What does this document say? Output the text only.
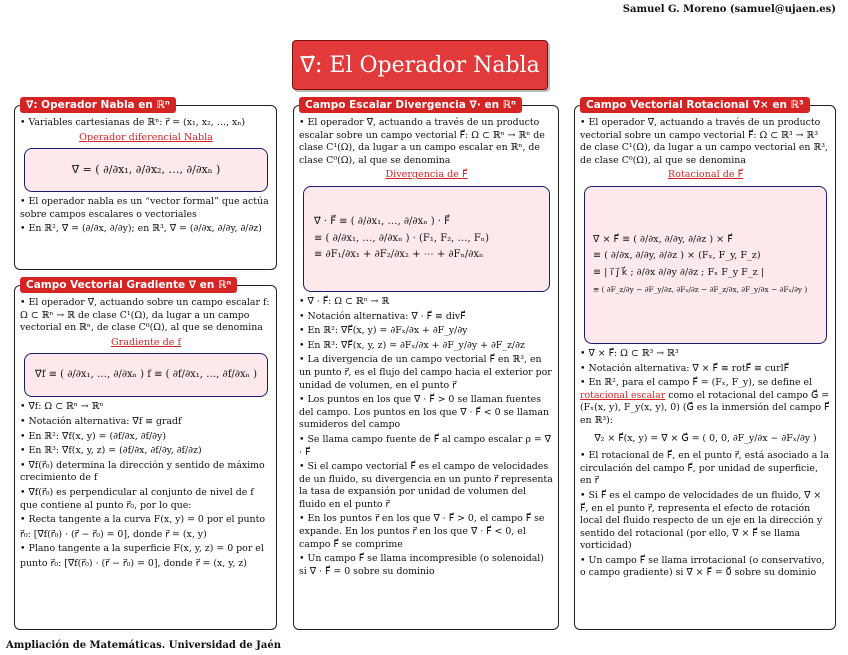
Samuel G. Moreno (samuel@ujaen.es)
∇⃗: El Operador Nabla
∇⃗: Operador Nabla en ℝⁿ

• Variables cartesianas de ℝⁿ: r⃗ = (x₁, x₂, …, xₙ)

Operador diferencial Nabla
∇⃗ = ( ∂/∂x₁, ∂/∂x₂, …, ∂/∂xₙ )

• El operador nabla es un “vector formal” que actúa sobre campos escalares o vectoriales

• En ℝ², ∇⃗ = (∂/∂x, ∂/∂y); en ℝ³, ∇⃗ = (∂/∂x, ∂/∂y, ∂/∂z)

Campo Vectorial Gradiente ∇⃗ en ℝⁿ

• El operador ∇⃗, actuando sobre un campo escalar f: Ω ⊂ ℝⁿ → ℝ de clase C¹(Ω), da lugar a un campo vectorial en ℝⁿ, de clase C⁰(Ω), al que se denomina

Gradiente de f
∇⃗f ≡ ( ∂/∂x₁, …, ∂/∂xₙ ) f ≡ ( ∂f/∂x₁, …, ∂f/∂xₙ )

• ∇⃗f: Ω ⊂ ℝⁿ → ℝⁿ

• Notación alternativa: ∇⃗f ≡ gradf

• En ℝ²: ∇⃗f(x, y) = (∂f/∂x, ∂f/∂y)

• En ℝ³: ∇⃗f(x, y, z) = (∂f/∂x, ∂f/∂y, ∂f/∂z)

• ∇⃗f(r⃗₀) determina la dirección y sentido de máximo crecimiento de f

• ∇⃗f(r⃗₀) es perpendicular al conjunto de nivel de f que contiene al punto r⃗₀, por lo que:

• Recta tangente a la curva F(x, y) = 0 por el punto

r⃗₀: [∇⃗f(r⃗₀) · (r⃗ − r⃗₀) = 0], donde r⃗ = (x, y)

• Plano tangente a la superficie F(x, y, z) = 0 por el

punto r⃗₀: [∇⃗f(r⃗₀) · (r⃗ − r⃗₀) = 0], donde r⃗ = (x, y, z)

Campo Escalar Divergencia ∇⃗· en ℝⁿ

• El operador ∇⃗, actuando a través de un producto escalar sobre un campo vectorial F⃗: Ω ⊂ ℝⁿ → ℝⁿ de clase C¹(Ω), da lugar a un campo escalar en ℝⁿ, de clase C⁰(Ω), al que se denomina

Divergencia de F⃗
∇⃗ · F⃗ ≡ ( ∂/∂x₁, …, ∂/∂xₙ ) · F⃗
≡ ( ∂/∂x₁, …, ∂/∂xₙ ) · (F₁, F₂, …, Fₙ)
≡ ∂F₁/∂x₁ + ∂F₂/∂x₂ + ⋯ + ∂Fₙ/∂xₙ

• ∇⃗ · F⃗: Ω ⊂ ℝⁿ → ℝ

• Notación alternativa: ∇⃗ · F⃗ ≡ divF⃗

• En ℝ²: ∇⃗F⃗(x, y) = ∂Fₓ/∂x + ∂F_y/∂y

• En ℝ³: ∇⃗F⃗(x, y, z) = ∂Fₓ/∂x + ∂F_y/∂y + ∂F_z/∂z

• La divergencia de un campo vectorial F⃗ en ℝ³, en un punto r⃗, es el flujo del campo hacia el exterior por unidad de volumen, en el punto r⃗

• Los puntos en los que ∇⃗ · F⃗ > 0 se llaman fuentes del campo. Los puntos en los que ∇⃗ · F⃗ < 0 se llaman sumideros del campo

• Se llama campo fuente de F⃗ al campo escalar ρ = ∇⃗ · F⃗

• Si el campo vectorial F⃗ es el campo de velocidades de un fluido, su divergencia en un punto r⃗ representa la tasa de expansión por unidad de volumen del fluido en el punto r⃗

• En los puntos r⃗ en los que ∇⃗ · F⃗ > 0, el campo F⃗ se expande. En los puntos r⃗ en los que ∇⃗ · F⃗ < 0, el campo F⃗ se comprime

• Un campo F⃗ se llama incompresible (o solenoidal) si ∇⃗ · F⃗ = 0 sobre su dominio

Campo Vectorial Rotacional ∇⃗× en ℝ³

• El operador ∇⃗, actuando a través de un producto vectorial sobre un campo vectorial F⃗: Ω ⊂ ℝ³ → ℝ³ de clase C¹(Ω), da lugar a un campo vectorial en ℝ³, de clase C⁰(Ω), al que se denomina

Rotacional de F⃗
∇⃗ × F⃗ ≡ ( ∂/∂x, ∂/∂y, ∂/∂z ) × F⃗
≡ ( ∂/∂x, ∂/∂y, ∂/∂z ) × (Fₓ, F_y, F_z)
≡ | i⃗ j⃗ k⃗ ; ∂/∂x ∂/∂y ∂/∂z ; Fₓ F_y F_z |
≡ ( ∂F_z/∂y − ∂F_y/∂z, ∂Fₓ/∂z − ∂F_z/∂x, ∂F_y/∂x − ∂Fₓ/∂y )

• ∇⃗ × F⃗: Ω ⊂ ℝ³ → ℝ³

• Notación alternativa: ∇⃗ × F⃗ ≡ rotF⃗ ≡ curlF⃗

• En ℝ², para el campo F⃗ = (Fₓ, F_y), se define el rotacional escalar como el rotacional del campo G⃗ = (Fₓ(x, y), F_y(x, y), 0) (G⃗ es la inmersión del campo F⃗ en ℝ³):

∇⃗₂ × F⃗(x, y) = ∇⃗ × G⃗ = ( 0, 0, ∂F_y/∂x − ∂Fₓ/∂y )

• El rotacional de F⃗, en el punto r⃗, está asociado a la circulación del campo F⃗, por unidad de superficie, en r⃗

• Si F⃗ es el campo de velocidades de un fluido, ∇⃗ × F⃗, en el punto r⃗, representa el efecto de rotación local del fluido respecto de un eje en la dirección y sentido del rotacional (por ello, ∇⃗ × F⃗ se llama vorticidad)

• Un campo F⃗ se llama irrotacional (o conservativo, o campo gradiente) si ∇⃗ × F⃗ = 0⃗ sobre su dominio

Ampliación de Matemáticas. Universidad de Jaén
